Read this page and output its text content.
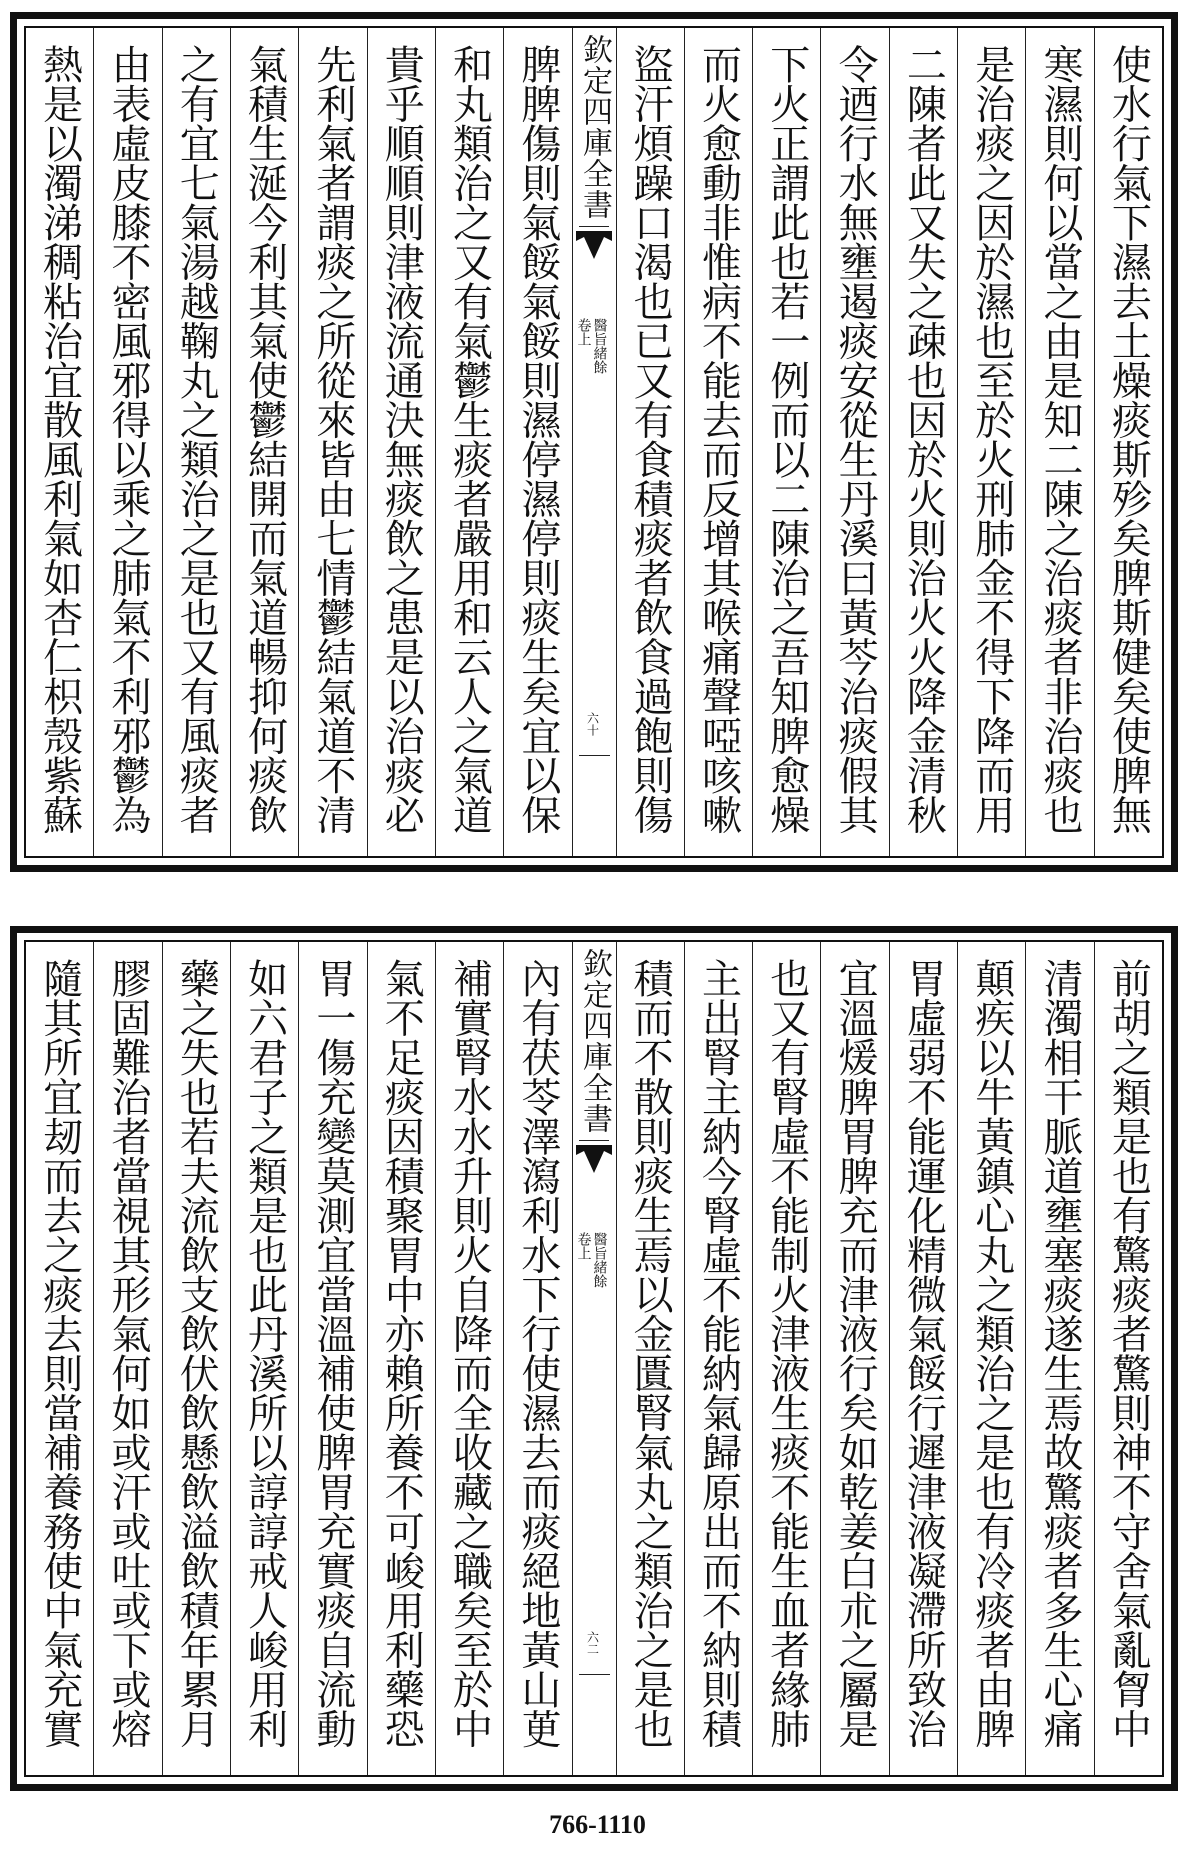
使水行氣下濕去土燥痰斯殄矣脾斯健矣使脾無
寒濕則何以當之由是知二陳之治痰者非治痰也
是治痰之因於濕也至於火刑肺金不得下降而用
二陳者此又失之疎也因於火則治火火降金清秋
令迺行水無壅遏痰安從生丹溪曰黃芩治痰假其
下火正謂此也若一例而以二陳治之吾知脾愈燥
而火愈動非惟病不能去而反增其喉痛聲啞咳嗽
盜汗煩躁口渴也已又有食積痰者飲食過飽則傷
欽定四庫全書
醫旨緒餘
卷上
六十
脾脾傷則氣餒氣餒則濕停濕停則痰生矣宜以保
和丸類治之又有氣鬱生痰者嚴用和云人之氣道
貴乎順順則津液流通決無痰飲之患是以治痰必
先利氣者謂痰之所從來皆由七情鬱結氣道不清
氣積生涎今利其氣使鬱結開而氣道暢抑何痰飲
之有宜七氣湯越鞠丸之類治之是也又有風痰者
由表虛皮膝不密風邪得以乘之肺氣不利邪鬱為
熱是以濁涕稠粘治宜散風利氣如杏仁枳殼紫蘇
前胡之類是也有驚痰者驚則神不守舍氣亂胷中
清濁相干脈道壅塞痰遂生焉故驚痰者多生心痛
顛疾以牛黃鎮心丸之類治之是也有冷痰者由脾
胃虛弱不能運化精微氣餒行遲津液凝滯所致治
宜溫煖脾胃脾充而津液行矣如乾姜白朮之屬是
也又有腎虛不能制火津液生痰不能生血者緣肺
主出腎主納今腎虛不能納氣歸原出而不納則積
積而不散則痰生焉以金匱腎氣丸之類治之是也
欽定四庫全書
醫旨緒餘
卷上
六二
內有茯苓澤瀉利水下行使濕去而痰絕地黃山茰
補實腎水水升則火自降而全收藏之職矣至於中
氣不足痰因積聚胃中亦賴所養不可峻用利藥恐
胃一傷充變莫測宜當溫補使脾胃充實痰自流動
如六君子之類是也此丹溪所以諄諄戒人峻用利
藥之失也若夫流飲支飲伏飲懸飲溢飲積年累月
膠固難治者當視其形氣何如或汗或吐或下或熔
隨其所宜刼而去之痰去則當補養務使中氣充實
766-1110
